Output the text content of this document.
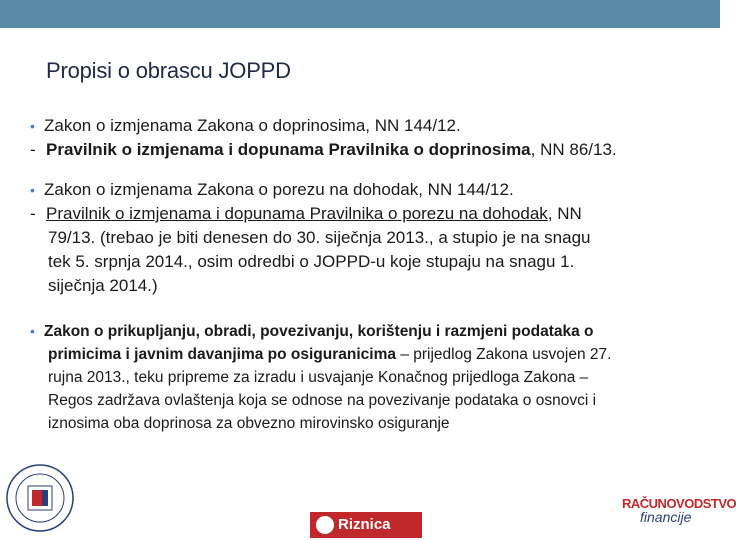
Propisi o obrascu JOPPD
• Zakon o izmjenama Zakona o doprinosima, NN 144/12.
- Pravilnik o izmjenama i dopunama Pravilnika o doprinosima, NN 86/13.
• Zakon o izmjenama Zakona o porezu na dohodak, NN 144/12.
- Pravilnik o izmjenama i dopunama Pravilnika o porezu na dohodak, NN
79/13. (trebao je biti denesen do 30. siječnja 2013., a stupio je na snagu
tek 5. srpnja 2014., osim odredbi o JOPPD-u koje stupaju na snagu 1.
siječnja 2014.)
• Zakon o prikupljanju, obradi, povezivanju, korištenju i razmjeni podataka o
primicima i javnim davanjima po osiguranicima – prijedlog Zakona usvojen 27.
rujna 2013., teku pripreme za izradu i usvajanje Konačnog prijedloga Zakona –
Regos zadržava ovlaštenja koja se odnose na povezivanje podataka o osnovci i
iznosima oba doprinosa za obvezno mirovinsko osiguranje
Riznica
RAČUNOVODSTVO
financije
